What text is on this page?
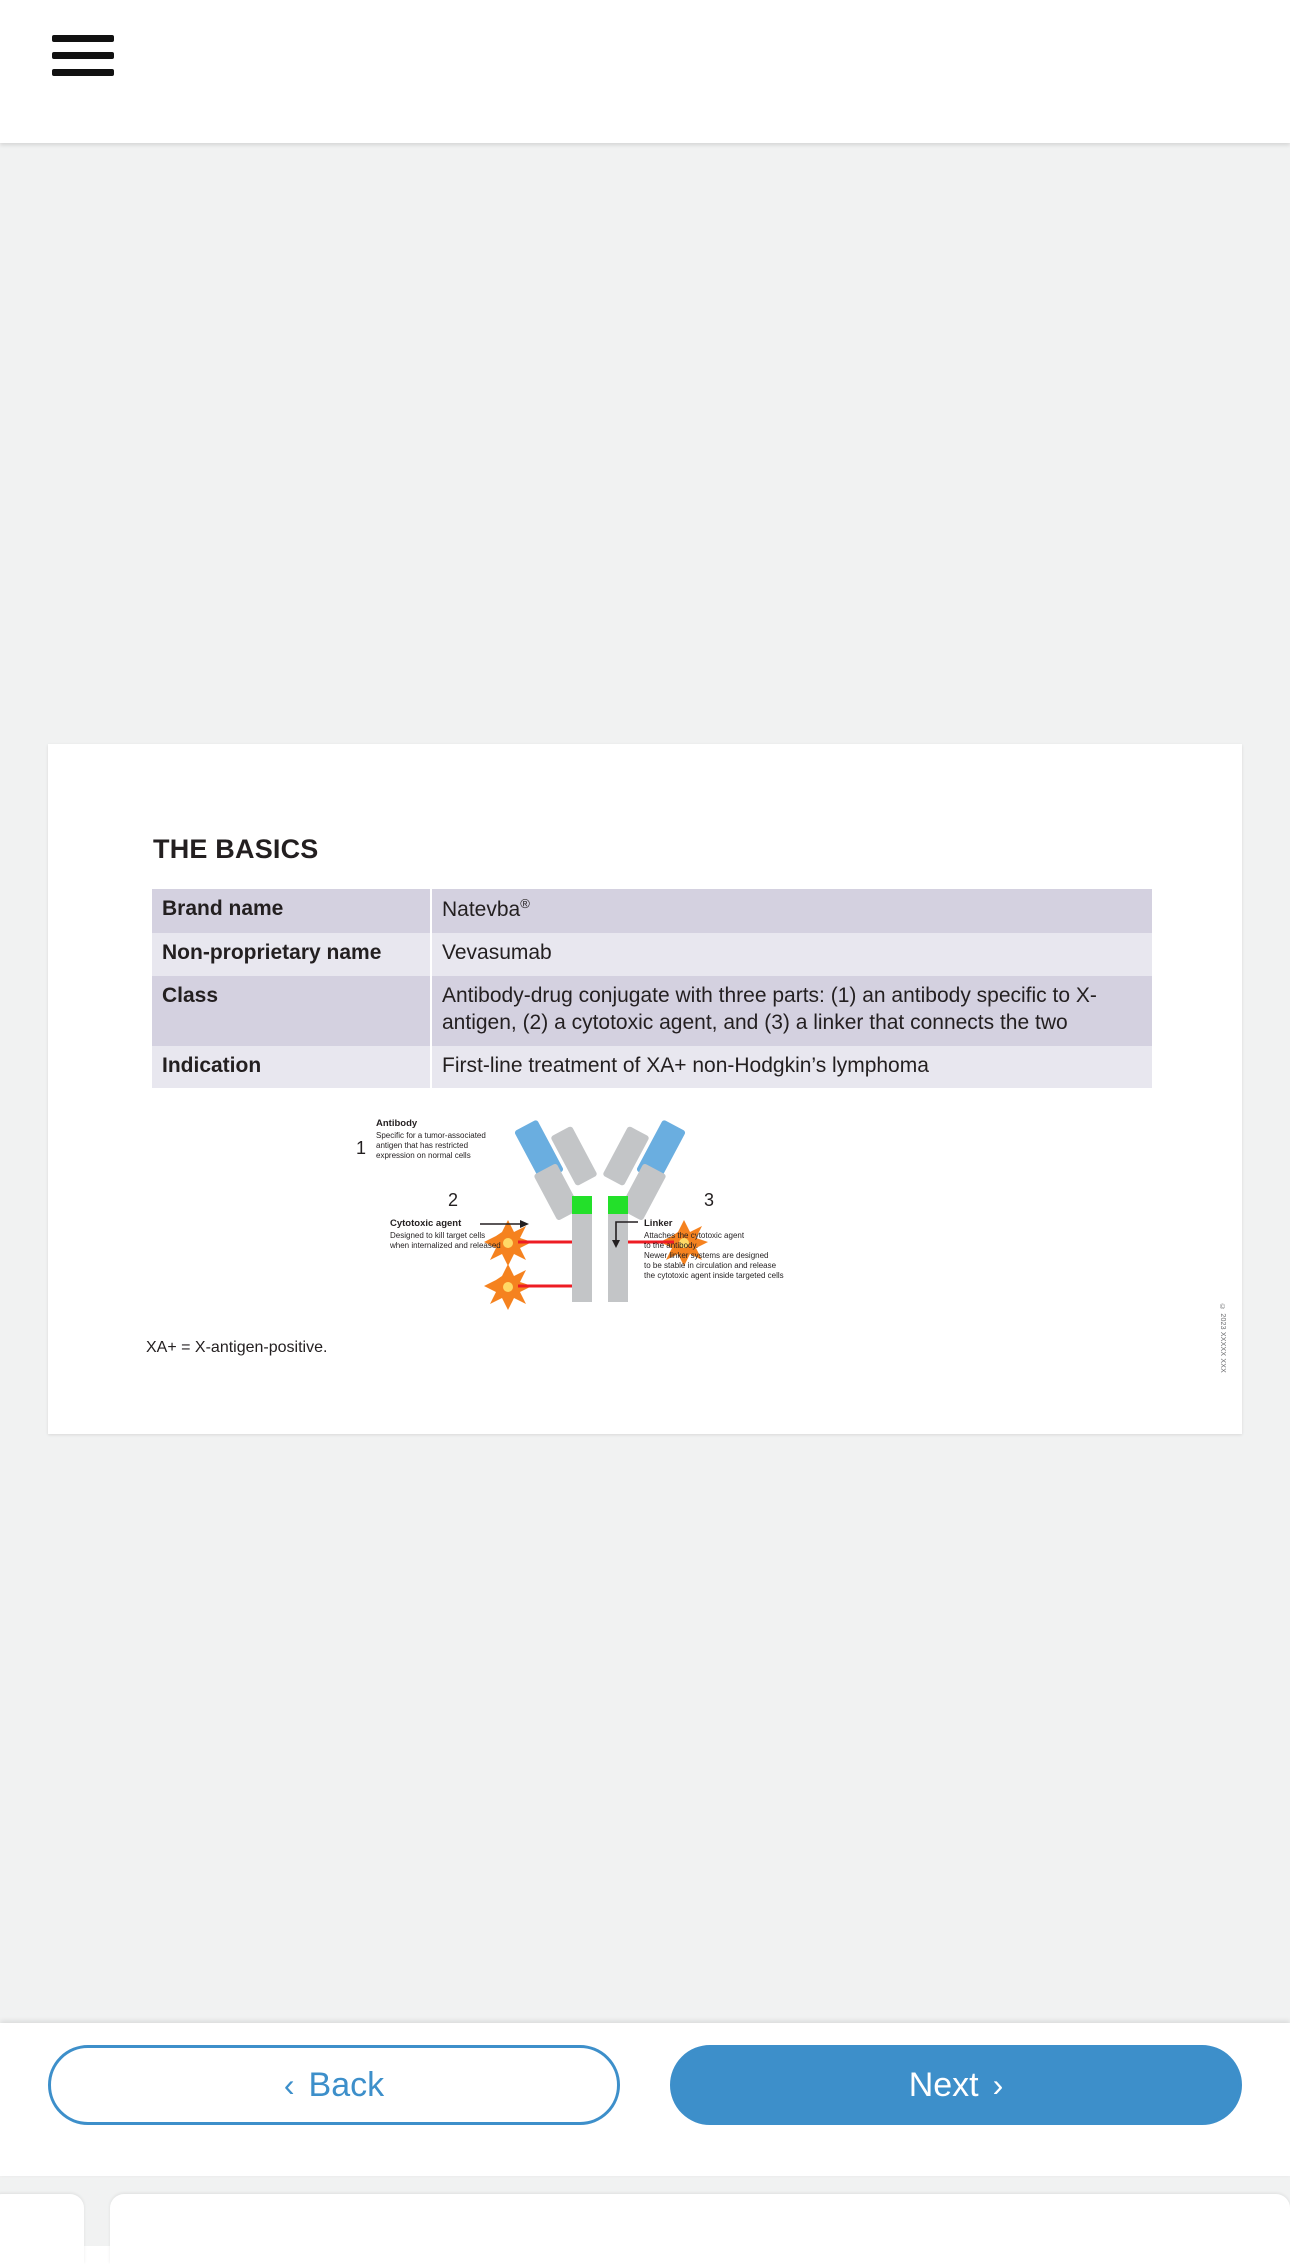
THE BASICS
Brand name	Natevba®
Non-proprietary name	Vevasumab
Class	Antibody-drug conjugate with three parts: (1) an antibody specific to X-antigen, (2) a cytotoxic agent, and (3) a linker that connects the two
Indication	First-line treatment of XA+ non-Hodgkin’s lymphoma
1
Antibody
Specific for a tumor-associated
antigen that has restricted
expression on normal cells
2
Cytotoxic agent
Designed to kill target cells
when internalized and released
3
Linker
Attaches the cytotoxic agent
to the antibody.
Newer linker systems are designed
to be stable in circulation and release
the cytotoxic agent inside targeted cells
XA+ = X-antigen-positive.	© 2023 XXXXX XXX
‹ Back	Next ›
